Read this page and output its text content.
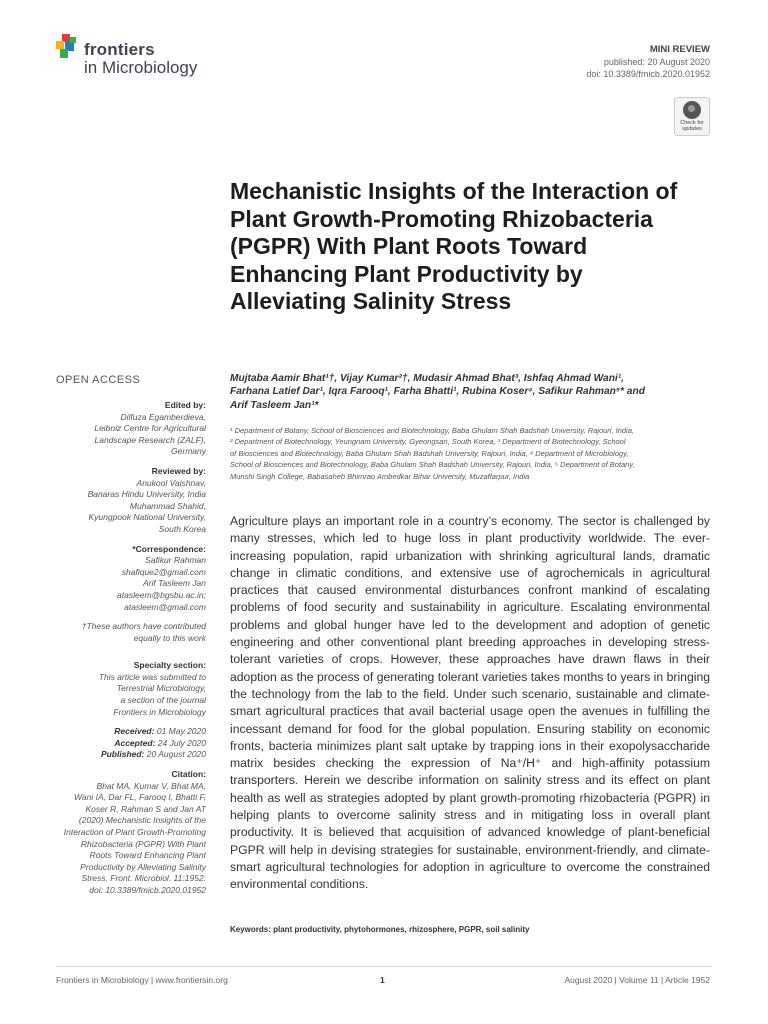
frontiers
in Microbiology
MINI REVIEW
published: 20 August 2020
doi: 10.3389/fmicb.2020.01952
Check for updates
Mechanistic Insights of the Interaction of Plant Growth-Promoting Rhizobacteria (PGPR) With Plant Roots Toward Enhancing Plant Productivity by Alleviating Salinity Stress
OPEN ACCESS
Edited by:
Dilfuza Egamberdieva,
Leibniz Centre for Agricultural
Landscape Research (ZALF),
Germany
Reviewed by:
Anukool Vaishnav,
Banaras Hindu University, India
Muhammad Shahid,
Kyungpook National University,
South Korea
*Correspondence:
Safikur Rahman
shafique2@gmail.com
Arif Tasleem Jan
atasleem@bgsbu.ac.in;
atasleem@gmail.com
†These authors have contributed
equally to this work
Specialty section:
This article was submitted to
Terrestrial Microbiology,
a section of the journal
Frontiers in Microbiology
Received: 01 May 2020
Accepted: 24 July 2020
Published: 20 August 2020
Citation:
Bhat MA, Kumar V, Bhat MA,
Wani IA, Dar FL, Farooq I, Bhatti F,
Koser R, Rahman S and Jan AT
(2020) Mechanistic Insights of the
Interaction of Plant Growth-Promoting
Rhizobacteria (PGPR) With Plant
Roots Toward Enhancing Plant
Productivity by Alleviating Salinity
Stress. Front. Microbiol. 11:1952.
doi: 10.3389/fmicb.2020.01952
Mujtaba Aamir Bhat¹†, Vijay Kumar²†, Mudasir Ahmad Bhat³, Ishfaq Ahmad Wani¹,
Farhana Latief Dar¹, Iqra Farooq¹, Farha Bhatti¹, Rubina Koser⁴, Safikur Rahman⁵* and
Arif Tasleem Jan¹*
¹ Department of Botany, School of Biosciences and Biotechnology, Baba Ghulam Shah Badshah University, Rajouri, India,
² Department of Biotechnology, Yeungnam University, Gyeongsan, South Korea, ³ Department of Biotechnology, School
of Biosciences and Biotechnology, Baba Ghulam Shah Badshah University, Rajouri, India, ⁴ Department of Microbiology,
School of Biosciences and Biotechnology, Baba Ghulam Shah Badshah University, Rajouri, India, ⁵ Department of Botany,
Munshi Singh College, Babasaheb Bhimrao Ambedkar Bihar University, Muzaffarpur, India

Agriculture plays an important role in a country’s economy. The sector is challenged by many stresses, which led to huge loss in plant productivity worldwide. The ever-increasing population, rapid urbanization with shrinking agricultural lands, dramatic change in climatic conditions, and extensive use of agrochemicals in agricultural practices that caused environmental disturbances confront mankind of escalating problems of food security and sustainability in agriculture. Escalating environmental problems and global hunger have led to the development and adoption of genetic engineering and other conventional plant breeding approaches in developing stress-tolerant varieties of crops. However, these approaches have drawn flaws in their adoption as the process of generating tolerant varieties takes months to years in bringing the technology from the lab to the field. Under such scenario, sustainable and climate-smart agricultural practices that avail bacterial usage open the avenues in fulfilling the incessant demand for food for the global population. Ensuring stability on economic fronts, bacteria minimizes plant salt uptake by trapping ions in their exopolysaccharide matrix besides checking the expression of Na⁺/H⁺ and high-affinity potassium transporters. Herein we describe information on salinity stress and its effect on plant health as well as strategies adopted by plant growth-promoting rhizobacteria (PGPR) in helping plants to overcome salinity stress and in mitigating loss in overall plant productivity. It is believed that acquisition of advanced knowledge of plant-beneficial PGPR will help in devising strategies for sustainable, environment-friendly, and climate-smart agricultural technologies for adoption in agriculture to overcome the constrained environmental conditions.

Keywords: plant productivity, phytohormones, rhizosphere, PGPR, soil salinity
Frontiers in Microbiology | www.frontiersin.org	1	August 2020 | Volume 11 | Article 1952
